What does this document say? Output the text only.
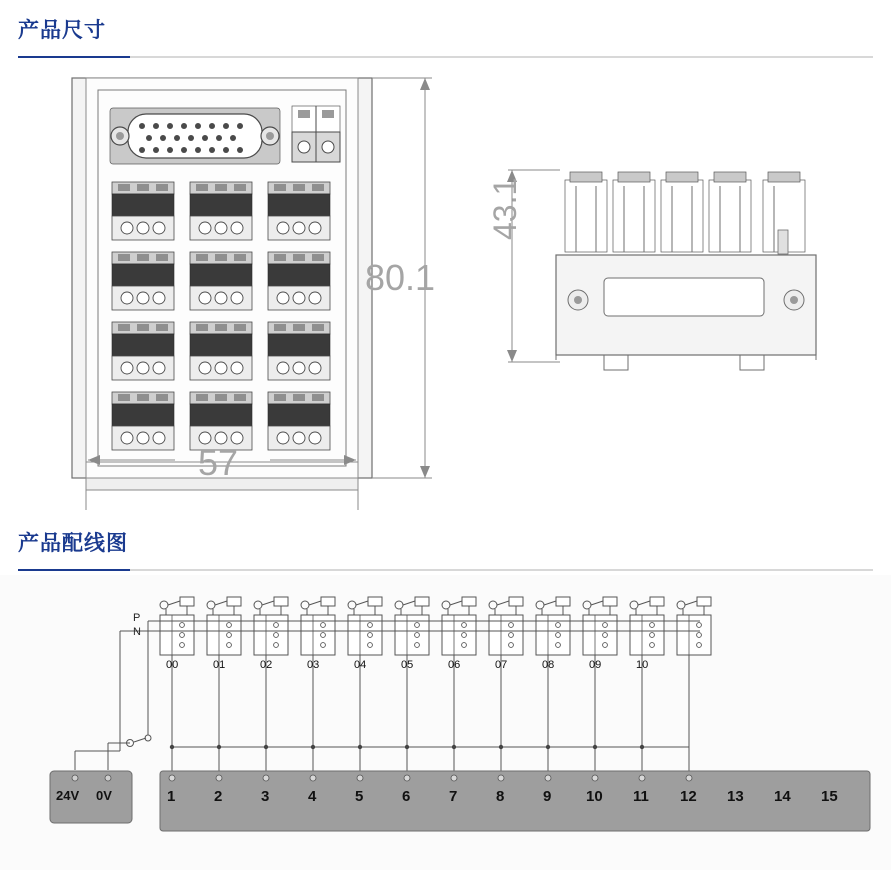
产品尺寸
80.1
57
43.1
产品配线图
P
N
00	01	02	03	04	05	06	07	08	09	10
24V 0V	1	2	3	4	5	6	7	8	9 10 11 12 13 14 15
